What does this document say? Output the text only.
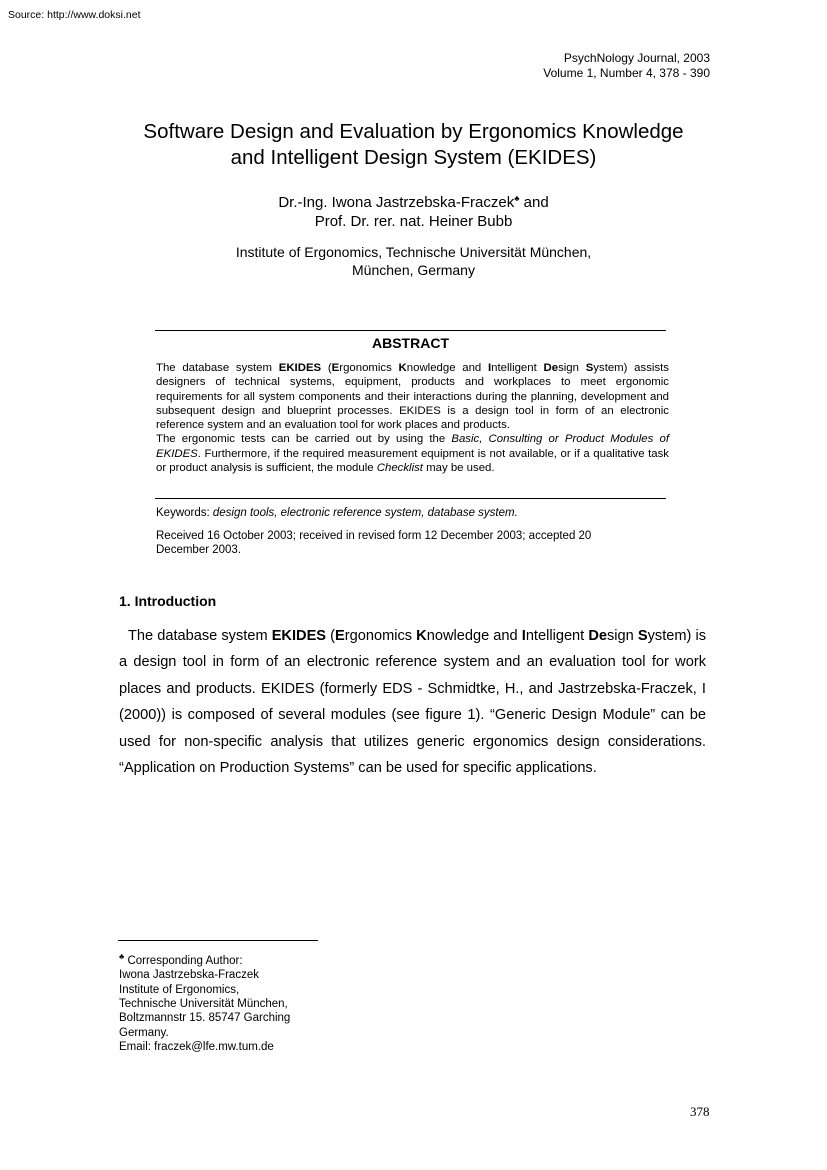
Source: http://www.doksi.net
PsychNology Journal, 2003
Volume 1, Number 4, 378 - 390
Software Design and Evaluation by Ergonomics Knowledge
and Intelligent Design System (EKIDES)
Dr.-Ing. Iwona Jastrzebska-Fraczek♣ and
Prof. Dr. rer. nat. Heiner Bubb
Institute of Ergonomics, Technische Universität München,
München, Germany
ABSTRACT

The database system EKIDES (Ergonomics Knowledge and Intelligent Design System) assists designers of technical systems, equipment, products and workplaces to meet ergonomic requirements for all system components and their interactions during the planning, development and subsequent design and blueprint processes. EKIDES is a design tool in form of an electronic reference system and an evaluation tool for work places and products.

The ergonomic tests can be carried out by using the Basic, Consulting or Product Modules of EKIDES. Furthermore, if the required measurement equipment is not available, or if a qualitative task or product analysis is sufficient, the module Checklist may be used.

Keywords: design tools, electronic reference system, database system.
Received 16 October 2003; received in revised form 12 December 2003; accepted 20 December 2003.
1. Introduction

The database system EKIDES (Ergonomics Knowledge and Intelligent Design System) is a design tool in form of an electronic reference system and an evaluation tool for work places and products. EKIDES (formerly EDS - Schmidtke, H., and Jastrzebska-Fraczek, I (2000)) is composed of several modules (see figure 1). “Generic Design Module” can be used for non-specific analysis that utilizes generic ergonomics design considerations. “Application on Production Systems” can be used for specific applications.

♣ Corresponding Author:
Iwona Jastrzebska-Fraczek
Institute of Ergonomics,
Technische Universität München,
Boltzmannstr 15. 85747 Garching
Germany.
Email: fraczek@lfe.mw.tum.de
378
